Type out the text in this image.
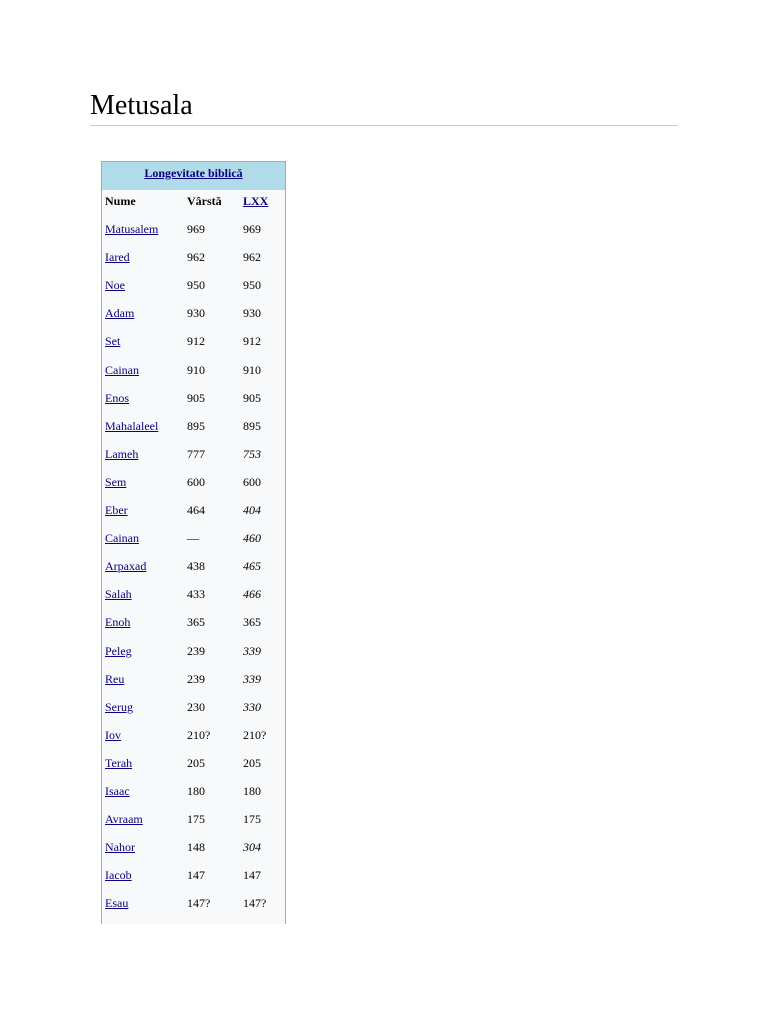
Metusala
Longevitate biblică
Nume	Vârstă LXX
Matusalem 969	969
Iared	962	962
Noe	950	950
Adam	930	930
Set	912	912
Cainan	910	910
Enos	905	905
Mahalaleel 895	895
Lameh	777	753
Sem	600	600
Eber	464	404
Cainan	—	460
Arpaxad	438	465
Salah	433	466
Enoh	365	365
Peleg	239	339
Reu	239	339
Serug	230	330
Iov	210?	210?
Terah	205	205
Isaac	180	180
Avraam	175	175
Nahor	148	304
Iacob	147	147
Esau	147?	147?
